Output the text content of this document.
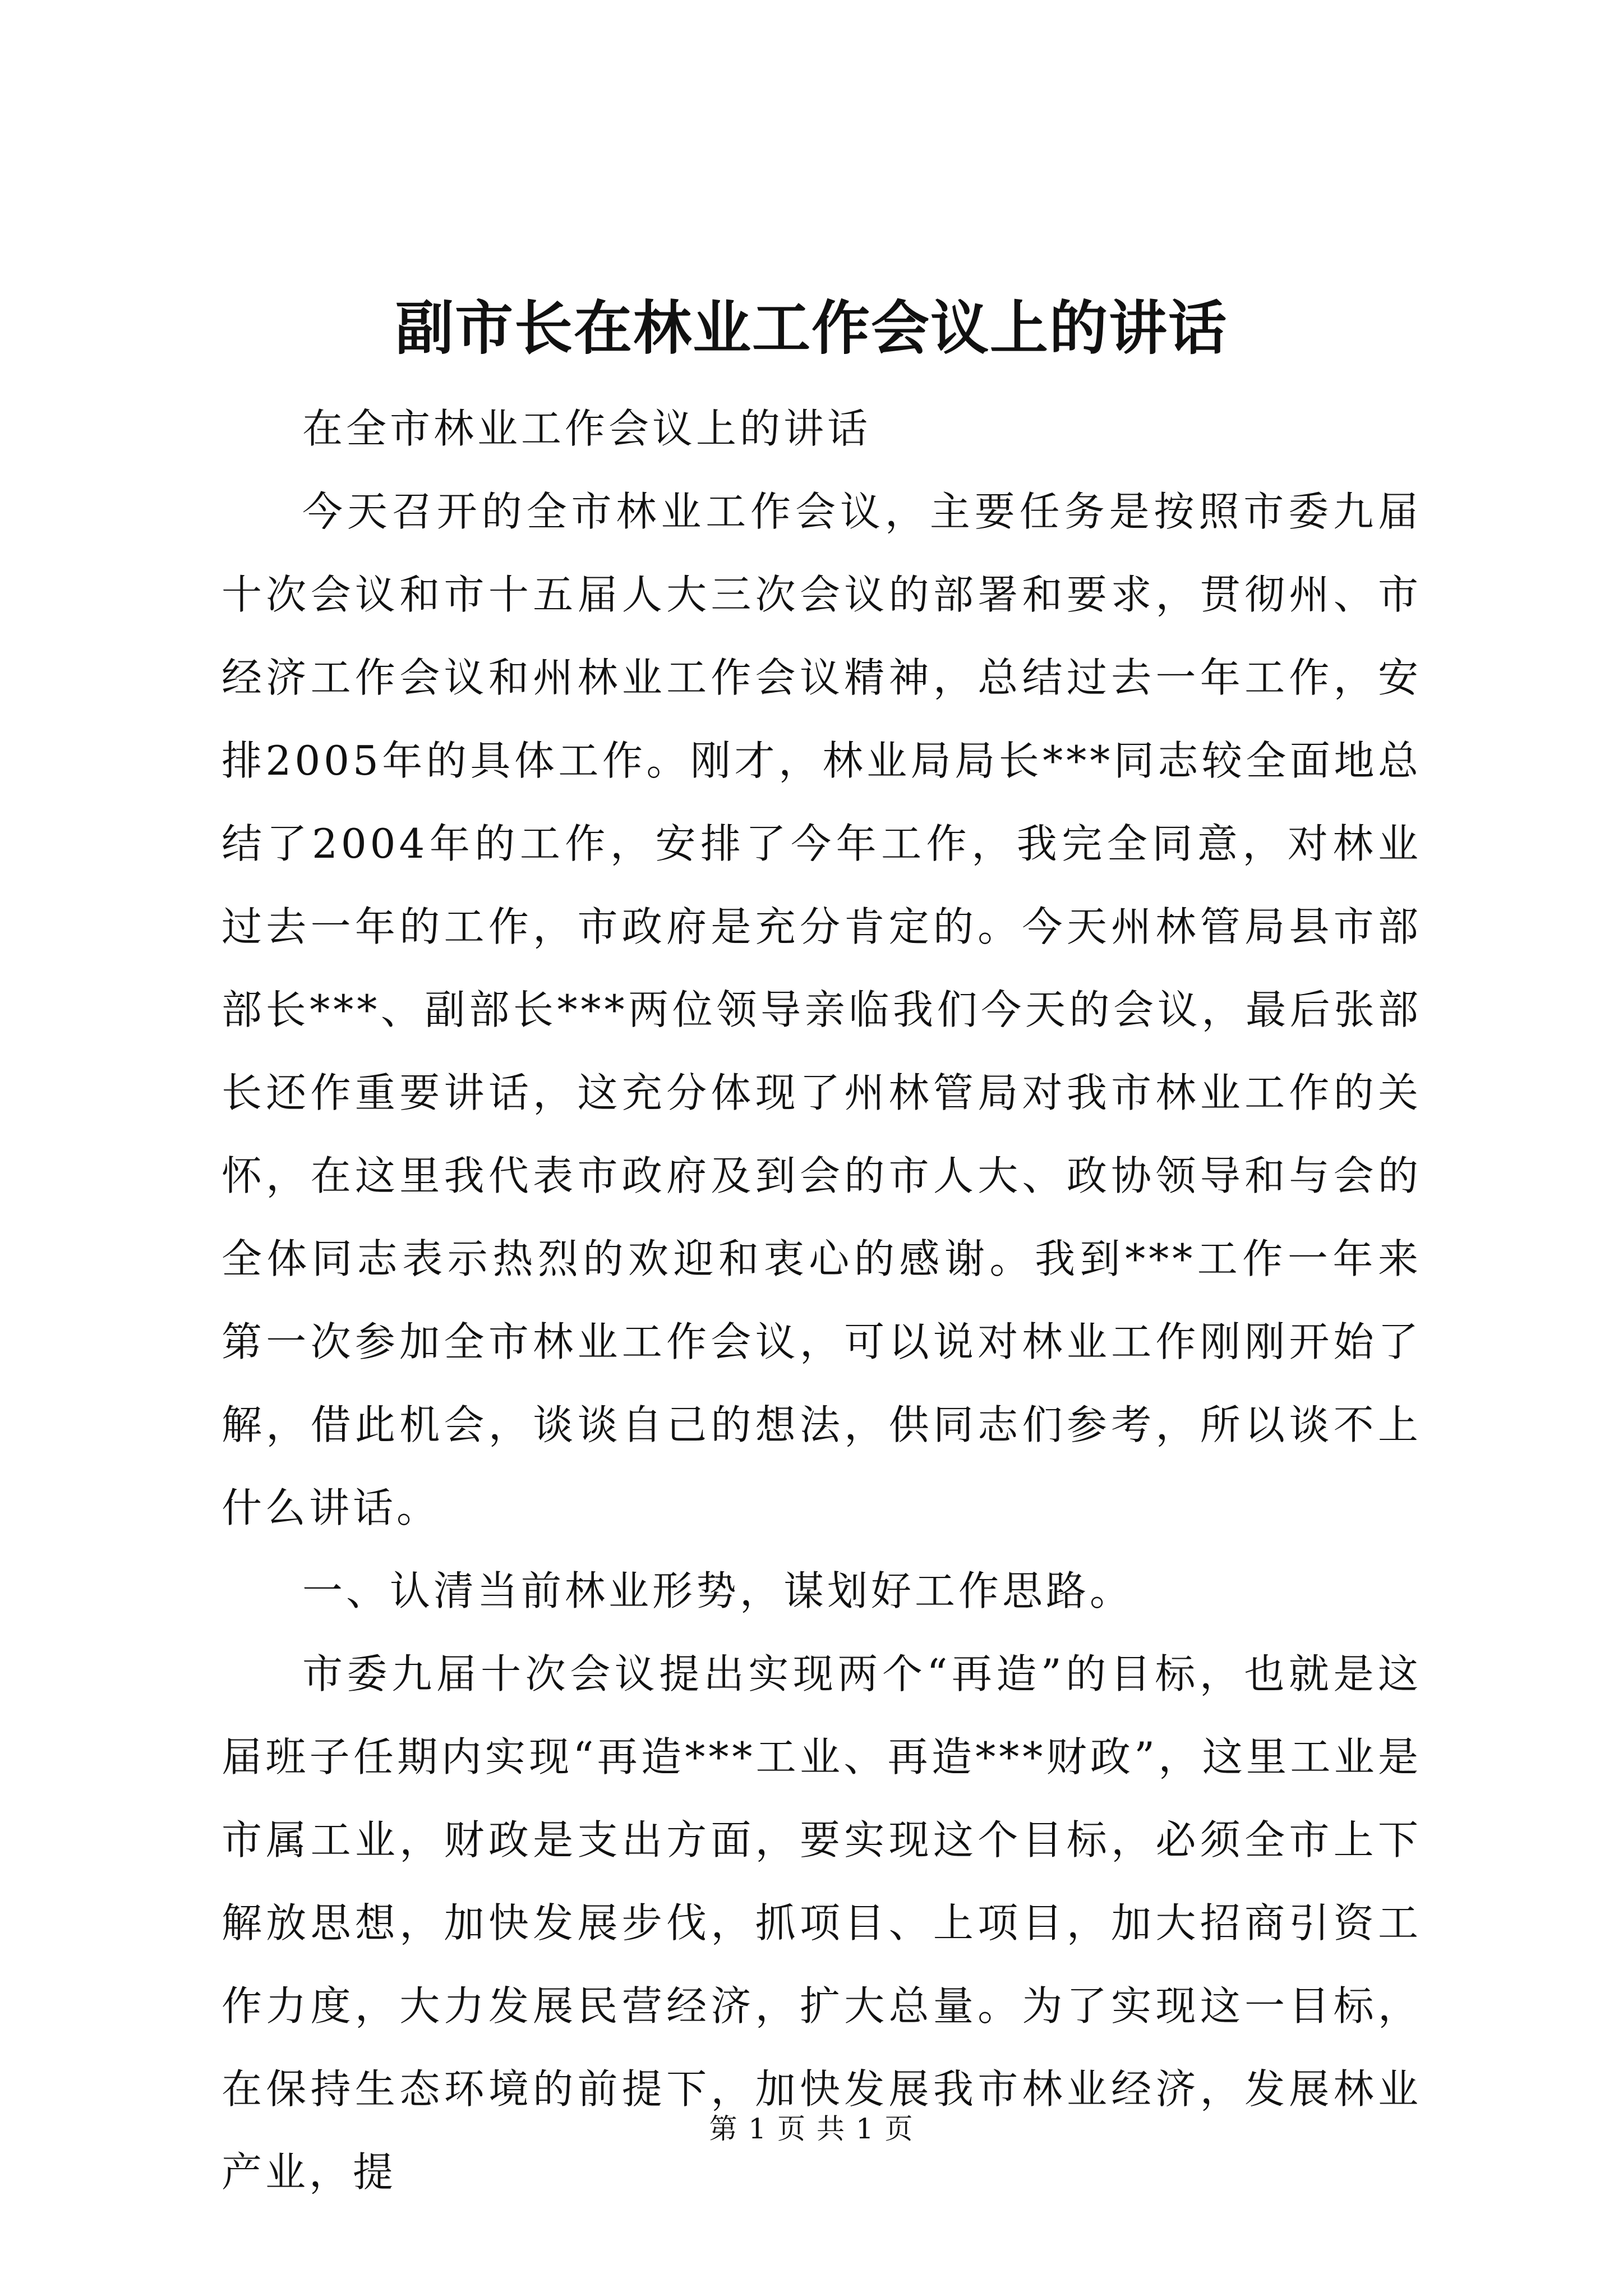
副市长在林业工作会议上的讲话

在全市林业工作会议上的讲话

今天召开的全市林业工作会议，主要任务是按照市委九届十次会议和市十五届人大三次会议的部署和要求，贯彻州、市经济工作会议和州林业工作会议精神，总结过去一年工作，安排2005年的具体工作。刚才，林业局局长***同志较全面地总结了2004年的工作，安排了今年工作，我完全同意，对林业过去一年的工作，市政府是充分肯定的。今天州林管局县市部部长***、副部长***两位领导亲临我们今天的会议，最后张部长还作重要讲话，这充分体现了州林管局对我市林业工作的关怀，在这里我代表市政府及到会的市人大、政协领导和与会的全体同志表示热烈的欢迎和衷心的感谢。我到***工作一年来第一次参加全市林业工作会议，可以说对林业工作刚刚开始了解，借此机会，谈谈自己的想法，供同志们参考，所以谈不上什么讲话。

一、认清当前林业形势，谋划好工作思路。

市委九届十次会议提出实现两个“再造”的目标，也就是这届班子任期内实现“再造***工业、再造***财政”，这里工业是市属工业，财政是支出方面，要实现这个目标，必须全市上下解放思想，加快发展步伐，抓项目、上项目，加大招商引资工作力度，大力发展民营经济，扩大总量。为了实现这一目标，在保持生态环境的前提下，加快发展我市林业经济，发展林业产业，提

第 1 页 共 1 页
